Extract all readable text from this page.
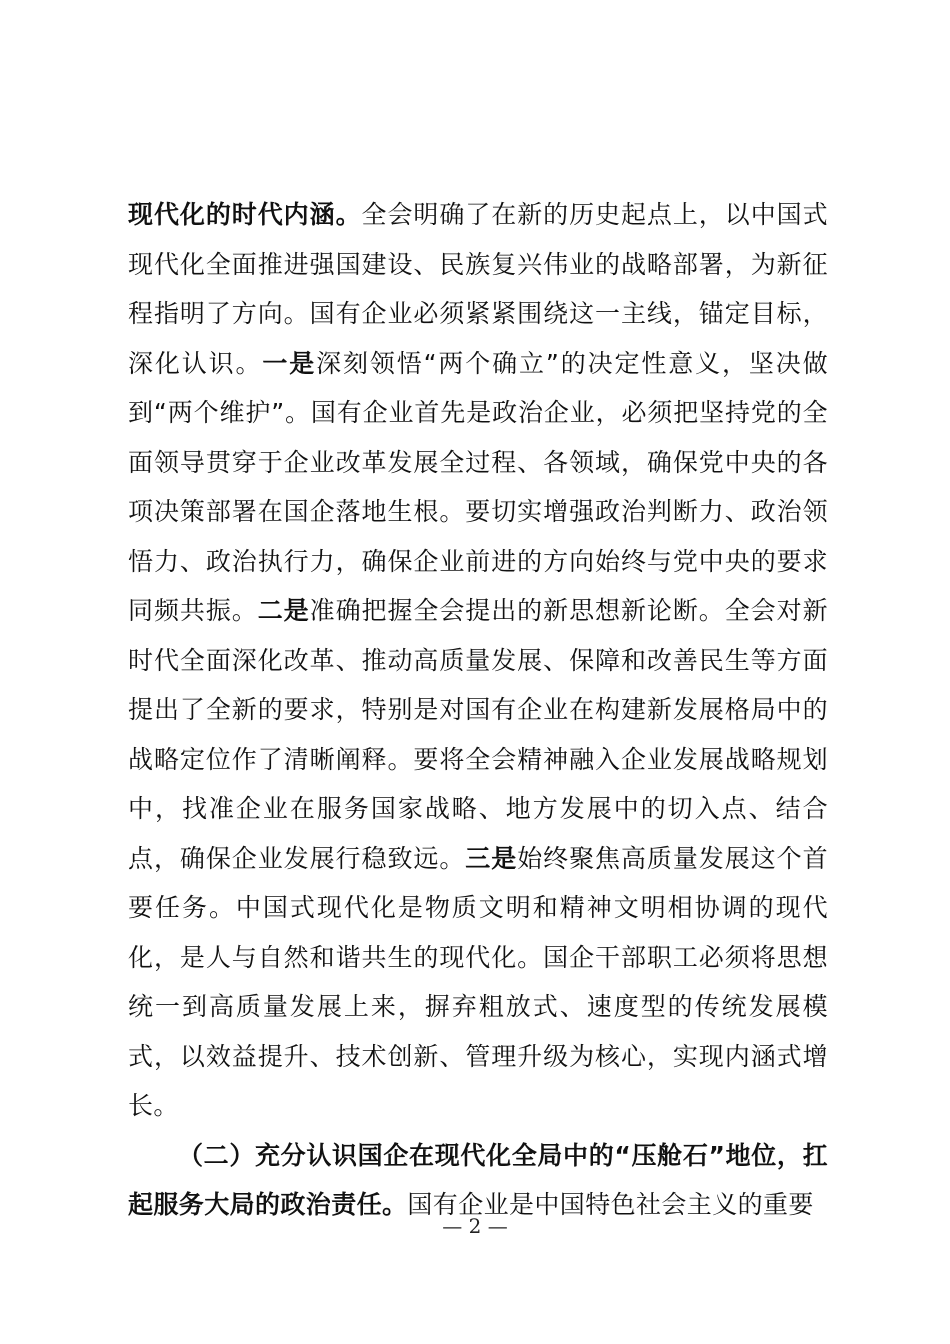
现代化的时代内涵。全会明确了在新的历史起点上，以中国式现代化全面推进强国建设、民族复兴伟业的战略部署，为新征程指明了方向。国有企业必须紧紧围绕这一主线，锚定目标，深化认识。一是深刻领悟“两个确立”的决定性意义，坚决做到“两个维护”。国有企业首先是政治企业，必须把坚持党的全面领导贯穿于企业改革发展全过程、各领域，确保党中央的各项决策部署在国企落地生根。要切实增强政治判断力、政治领悟力、政治执行力，确保企业前进的方向始终与党中央的要求同频共振。二是准确把握全会提出的新思想新论断。全会对新时代全面深化改革、推动高质量发展、保障和改善民生等方面提出了全新的要求，特别是对国有企业在构建新发展格局中的战略定位作了清晰阐释。要将全会精神融入企业发展战略规划中，找准企业在服务国家战略、地方发展中的切入点、结合点，确保企业发展行稳致远。三是始终聚焦高质量发展这个首要任务。中国式现代化是物质文明和精神文明相协调的现代化，是人与自然和谐共生的现代化。国企干部职工必须将思想统一到高质量发展上来，摒弃粗放式、速度型的传统发展模式，以效益提升、技术创新、管理升级为核心，实现内涵式增长。

（二）充分认识国企在现代化全局中的“压舱石”地位，扛起服务大局的政治责任。国有企业是中国特色社会主义的重要

— 2 —
